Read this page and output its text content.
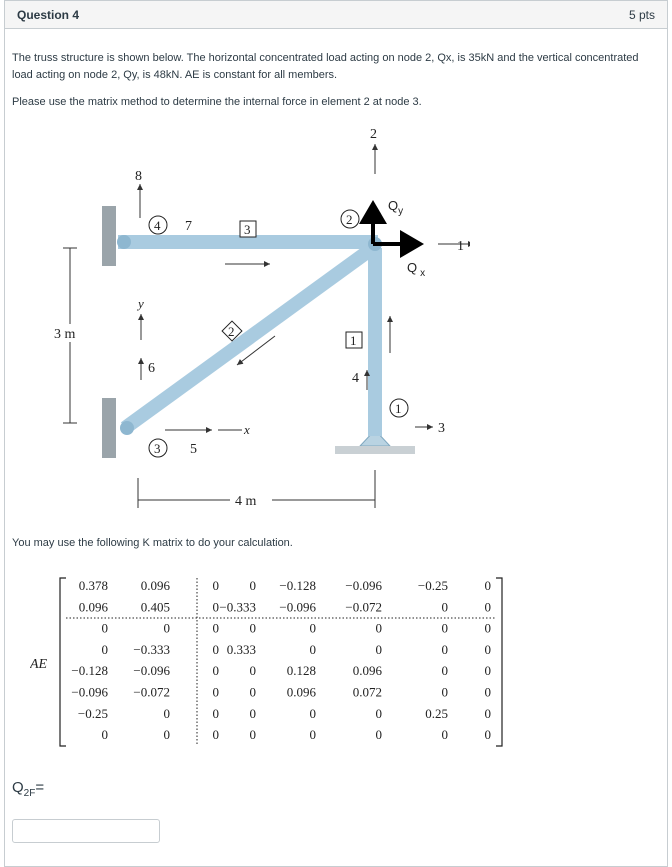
Question 4	5 pts
The truss structure is shown below. The horizontal concentrated load acting on node 2, Qx, is 35kN and the vertical concentrated load acting on node 2, Qy, is 48kN. AE is constant for all members.
Please use the matrix method to determine the internal force in element 2 at node 3.
3 m
4 m
8
7
4	3
y
6
2
x
3 5
1
4
1
3
2
2
1
$Q_y$
Q $_x$
You may use the following K matrix to do your calculation.
AE
0.378	0.096	0 0 −0.128 −0.096	−0.25	0
0.096	0.405	0 −0.333 −0.096 −0.072	0	0
0	0	0 0	0	0	0	0
0 −0.333	0 0.333	0	0	0	0
−0.128 −0.096	0 0 0.128	0.096	0	0
−0.096 −0.072	0 0 0.096	0.072	0	0
−0.25	0	0 0	0	0	0.25	0
0	0	0 0	0	0	0	0
$Q_{2F}=$
